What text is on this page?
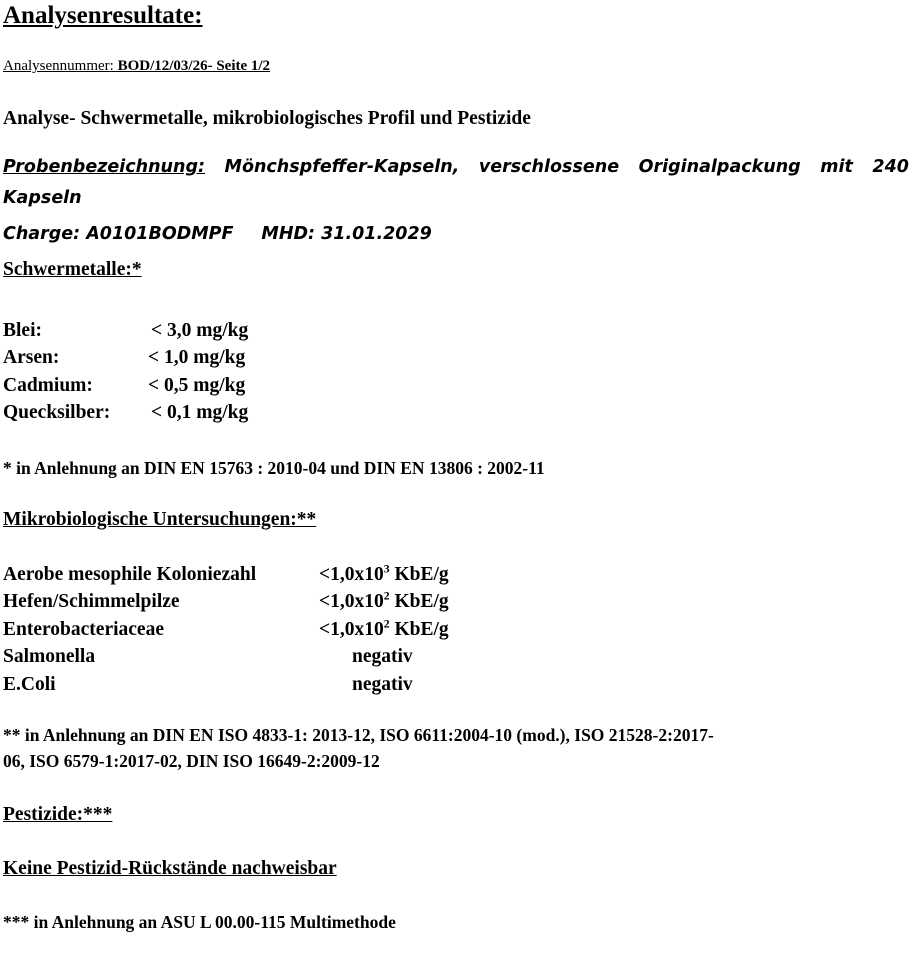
Analysenresultate:
Analysennummer: BOD/12/03/26- Seite 1/2
Analyse- Schwermetalle, mikrobiologisches Profil und Pestizide
Probenbezeichnung: Mönchspfeffer-Kapseln, verschlossene Originalpackung mit 240
Kapseln
Charge: A0101BODMPF MHD: 31.01.2029
Schwermetalle:*
Blei:	< 3,0 mg/kg
Arsen:	< 1,0 mg/kg
Cadmium:	< 0,5 mg/kg
Quecksilber: < 0,1 mg/kg
* in Anlehnung an DIN EN 15763 : 2010-04 und DIN EN 13806 : 2002-11
Mikrobiologische Untersuchungen:**
Aerobe mesophile Koloniezahl	$<1,0x10^3$ KbE/g
Hefen/Schimmelpilze	$<1,0x10^2$ KbE/g
Enterobacteriaceae	$<1,0x10^2$ KbE/g
Salmonella	negativ
E.Coli	negativ
** in Anlehnung an DIN EN ISO 4833-1: 2013-12, ISO 6611:2004-10 (mod.), ISO 21528-2:2017-
06, ISO 6579-1:2017-02, DIN ISO 16649-2:2009-12
Pestizide:***
Keine Pestizid-Rückstände nachweisbar
*** in Anlehnung an ASU L 00.00-115 Multimethode
